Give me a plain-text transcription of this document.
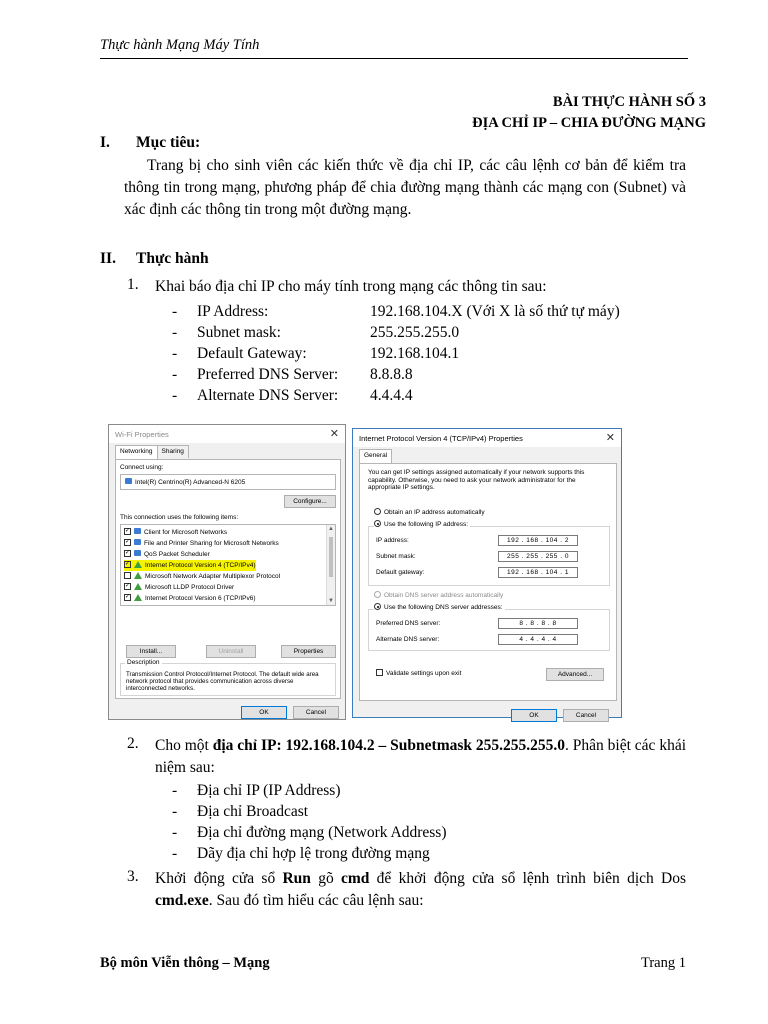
Thực hành Mạng Máy Tính
BÀI THỰC HÀNH SỐ 3
ĐỊA CHỈ IP – CHIA ĐƯỜNG MẠNG
I. Mục tiêu:
Trang bị cho sinh viên các kiến thức về địa chỉ IP, các câu lệnh cơ bản để kiểm tra thông tin trong mạng, phương pháp để chia đường mạng thành các mạng con (Subnet) và xác định các thông tin trong một đường mạng.
II. Thực hành
1. Khai báo địa chỉ IP cho máy tính trong mạng các thông tin sau:
- IP Address:	192.168.104.X (Với X là số thứ tự máy)
- Subnet mask:	255.255.255.0
- Default Gateway:	192.168.104.1
- Preferred DNS Server: 8.8.8.8
- Alternate DNS Server: 4.4.4.4
Wi-Fi Properties	✕
Networking Sharing
Connect using:
Intel(R) Centrino(R) Advanced-N 6205
Configure...
This connection uses the following items:
✓ Client for Microsoft Networks
✓ File and Printer Sharing for Microsoft Networks
✓ QoS Packet Scheduler
✓ Internet Protocol Version 4 (TCP/IPv4)
Microsoft Network Adapter Multiplexor Protocol
✓ Microsoft LLDP Protocol Driver
✓ Internet Protocol Version 6 (TCP/IPv6)
▲
▼
Install...	Uninstall	Properties
Description
Transmission Control Protocol/Internet Protocol. The default wide area network protocol that provides communication across diverse interconnected networks.
OK	Cancel
Internet Protocol Version 4 (TCP/IPv4) Properties	✕
General
You can get IP settings assigned automatically if your network supports this capability. Otherwise, you need to ask your network administrator for the appropriate IP settings.
Obtain an IP address automatically
Use the following IP address:
IP address:	192 . 168 . 104 . 2
Subnet mask:	255 . 255 . 255 . 0
Default gateway:	192 . 168 . 104 . 1
Obtain DNS server address automatically
Use the following DNS server addresses:
Preferred DNS server:	8 . 8 . 8 . 8
Alternate DNS server:	4 . 4 . 4 . 4
Validate settings upon exit	Advanced...
OK	Cancel
2. Cho một địa chỉ IP: 192.168.104.2 – Subnetmask 255.255.255.0. Phân biệt các khái niệm sau:
- Địa chỉ IP (IP Address)
- Địa chỉ Broadcast
- Địa chỉ đường mạng (Network Address)
- Dãy địa chỉ hợp lệ trong đường mạng
3. Khởi động cửa sổ Run gõ cmd để khởi động cửa sổ lệnh trình biên dịch Dos cmd.exe. Sau đó tìm hiểu các câu lệnh sau:
Bộ môn Viễn thông – Mạng	Trang 1
